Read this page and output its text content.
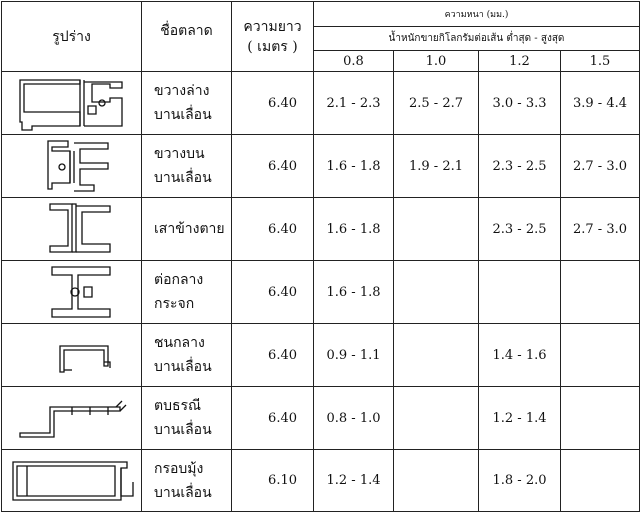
รูปร่าง	ชื่อตลาด	ความยาว
( เมตร )	ความหนา (มม.)			
			น้ำหนักขายกิโลกรัมต่อเส้น ต่ำสุด - สูงสุด			
			0.8	1.0	1.2	1.5

ขวางล่าง
บานเลื่อน	6.40	2.1 - 2.3	2.5 - 2.7	3.0 - 3.3	3.9 - 4.4

ขวางบน
บานเลื่อน	6.40	1.6 - 1.8	1.9 - 2.1	2.3 - 2.5	2.7 - 3.0

เสาข้างตาย	6.40	1.6 - 1.8		2.3 - 2.5	2.7 - 3.0

ต่อกลาง
กระจก	6.40	1.6 - 1.8			

ชนกลาง
บานเลื่อน	6.40	0.9 - 1.1		1.4 - 1.6	

ตบธรณี
บานเลื่อน	6.40	0.8 - 1.0		1.2 - 1.4	

กรอบมุ้ง
บานเลื่อน	6.10	1.2 - 1.4		1.8 - 2.0	
